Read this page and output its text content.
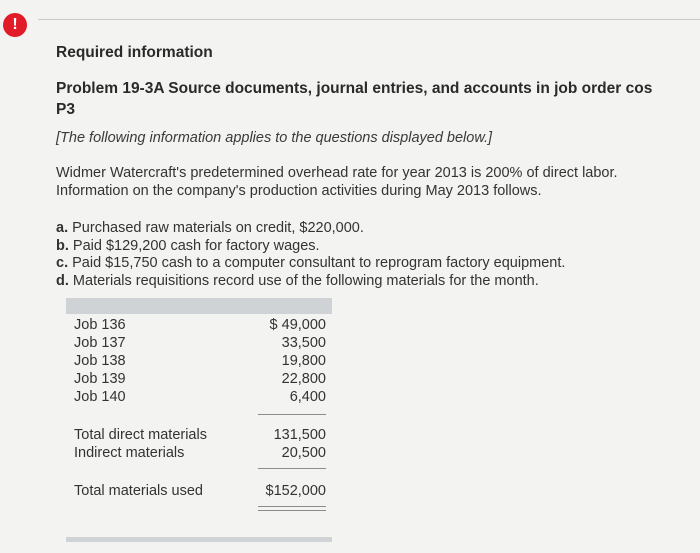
!
Required information
Problem 19-3A Source documents, journal entries, and accounts in job order cos
P3
[The following information applies to the questions displayed below.]
Widmer Watercraft's predetermined overhead rate for year 2013 is 200% of direct labor.
Information on the company's production activities during May 2013 follows.
a. Purchased raw materials on credit, $220,000.
b. Paid $129,200 cash for factory wages.
c. Paid $15,750 cash to a computer consultant to reprogram factory equipment.
d. Materials requisitions record use of the following materials for the month.
Job 136	$ 49,000
Job 137	33,500
Job 138	19,800
Job 139	22,800
Job 140	6,400
Total direct materials	131,500
Indirect materials	20,500
Total materials used	$152,000
